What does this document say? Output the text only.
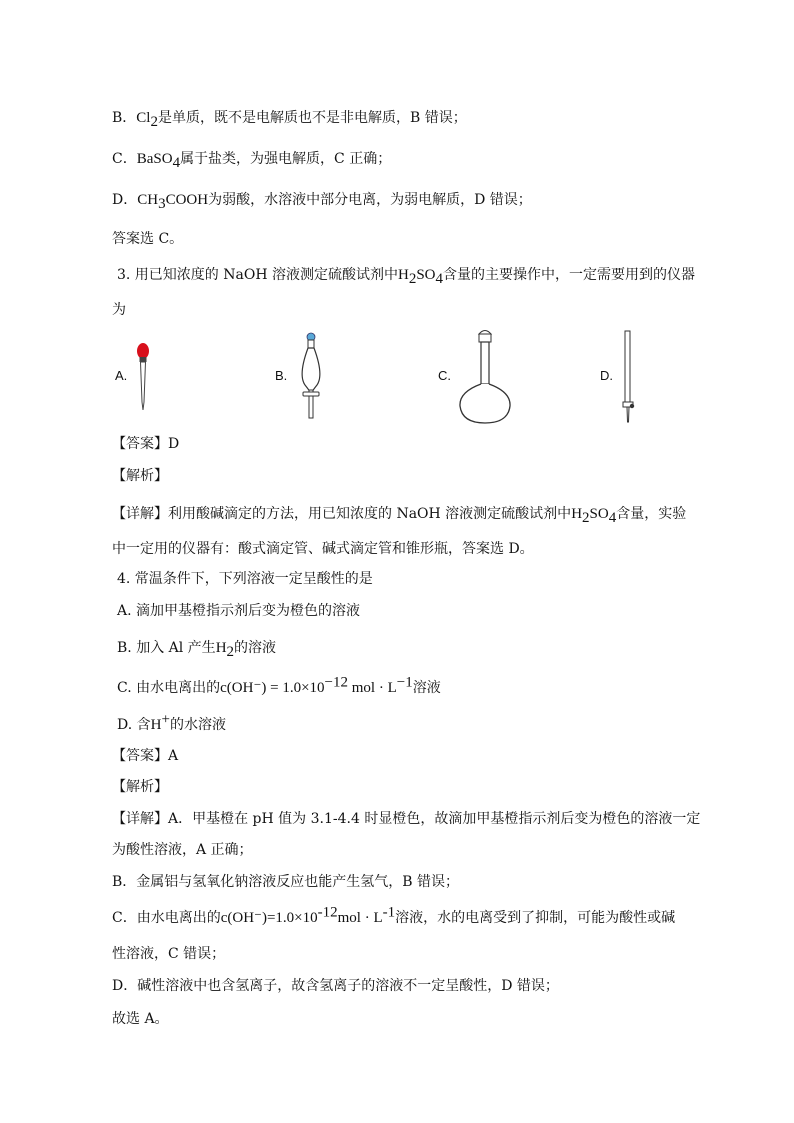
B．$Cl_2$是单质，既不是电解质也不是非电解质，B 错误；
C．BaSO$_4$属于盐类，为强电解质，C 正确；
D．$CH_3COOH$为弱酸，水溶液中部分电离，为弱电解质，D 错误；
答案选 C。
3. 用已知浓度的 NaOH 溶液测定硫酸试剂中$H_2SO_4$含量的主要操作中，一定需要用到的仪器
为
A.	B.	C.	D.
【答案】D
【解析】
【详解】利用酸碱滴定的方法，用已知浓度的 NaOH 溶液测定硫酸试剂中$H_2SO_4$含量，实验
中一定用的仪器有：酸式滴定管、碱式滴定管和锥形瓶，答案选 D。
4. 常温条件下，下列溶液一定呈酸性的是
A. 滴加甲基橙指示剂后变为橙色的溶液
B. 加入 Al 产生$H_2$的溶液
C. 由水电离出的$c(OH^-) = 1.0\times 10^{-12}$ mol · $L^{-1}$溶液
D. 含H+的水溶液
【答案】A
【解析】
【详解】A．甲基橙在 pH 值为 3.1-4.4 时显橙色，故滴加甲基橙指示剂后变为橙色的溶液一定
为酸性溶液，A 正确；
B．金属铝与氢氧化钠溶液反应也能产生氢气，B 错误；
C．由水电离出的$c(OH^-)=1.0\times 10^{-12}mol \cdot L^{-1}$溶液，水的电离受到了抑制，可能为酸性或碱
性溶液，C 错误；
D．碱性溶液中也含氢离子，故含氢离子的溶液不一定呈酸性，D 错误；
故选 A。
